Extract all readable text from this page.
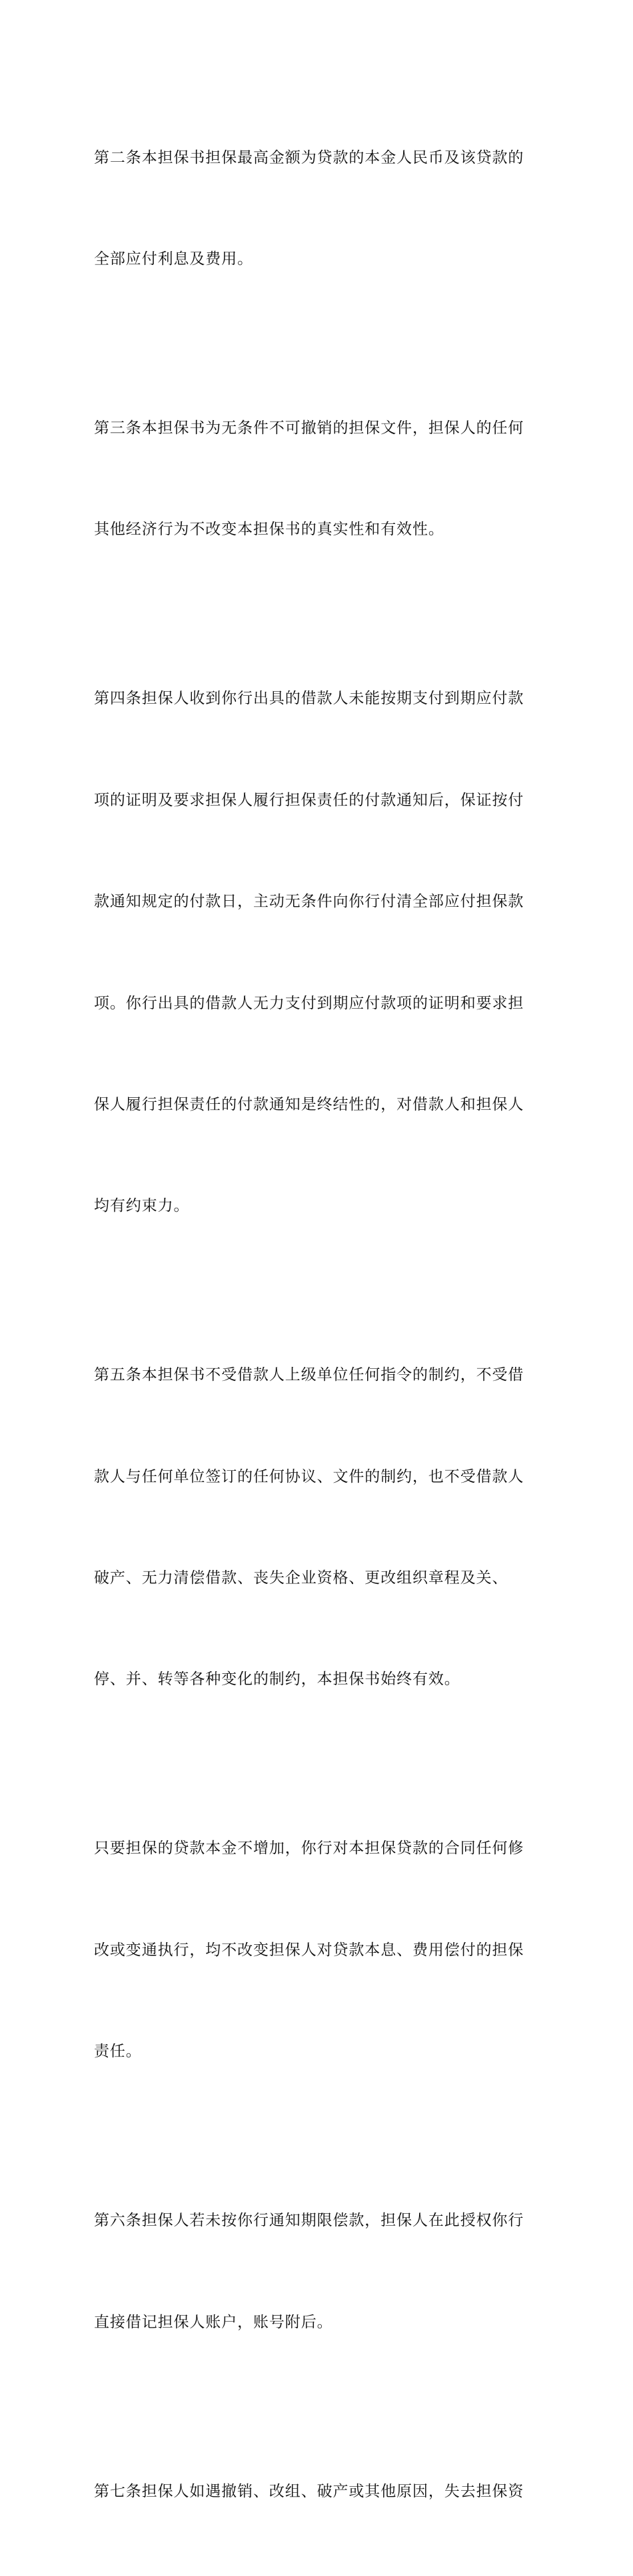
第二条本担保书担保最高金额为贷款的本金人民币及该贷款的

全部应付利息及费用。

第三条本担保书为无条件不可撤销的担保文件，担保人的任何

其他经济行为不改变本担保书的真实性和有效性。

第四条担保人收到你行出具的借款人未能按期支付到期应付款

项的证明及要求担保人履行担保责任的付款通知后，保证按付

款通知规定的付款日，主动无条件向你行付清全部应付担保款

项。你行出具的借款人无力支付到期应付款项的证明和要求担

保人履行担保责任的付款通知是终结性的，对借款人和担保人

均有约束力。

第五条本担保书不受借款人上级单位任何指令的制约，不受借

款人与任何单位签订的任何协议、文件的制约，也不受借款人

破产、无力清偿借款、丧失企业资格、更改组织章程及关、

停、并、转等各种变化的制约，本担保书始终有效。

只要担保的贷款本金不增加，你行对本担保贷款的合同任何修

改或变通执行，均不改变担保人对贷款本息、费用偿付的担保

责任。

第六条担保人若未按你行通知期限偿款，担保人在此授权你行

直接借记担保人账户，账号附后。

第七条担保人如遇撤销、改组、破产或其他原因，失去担保资
